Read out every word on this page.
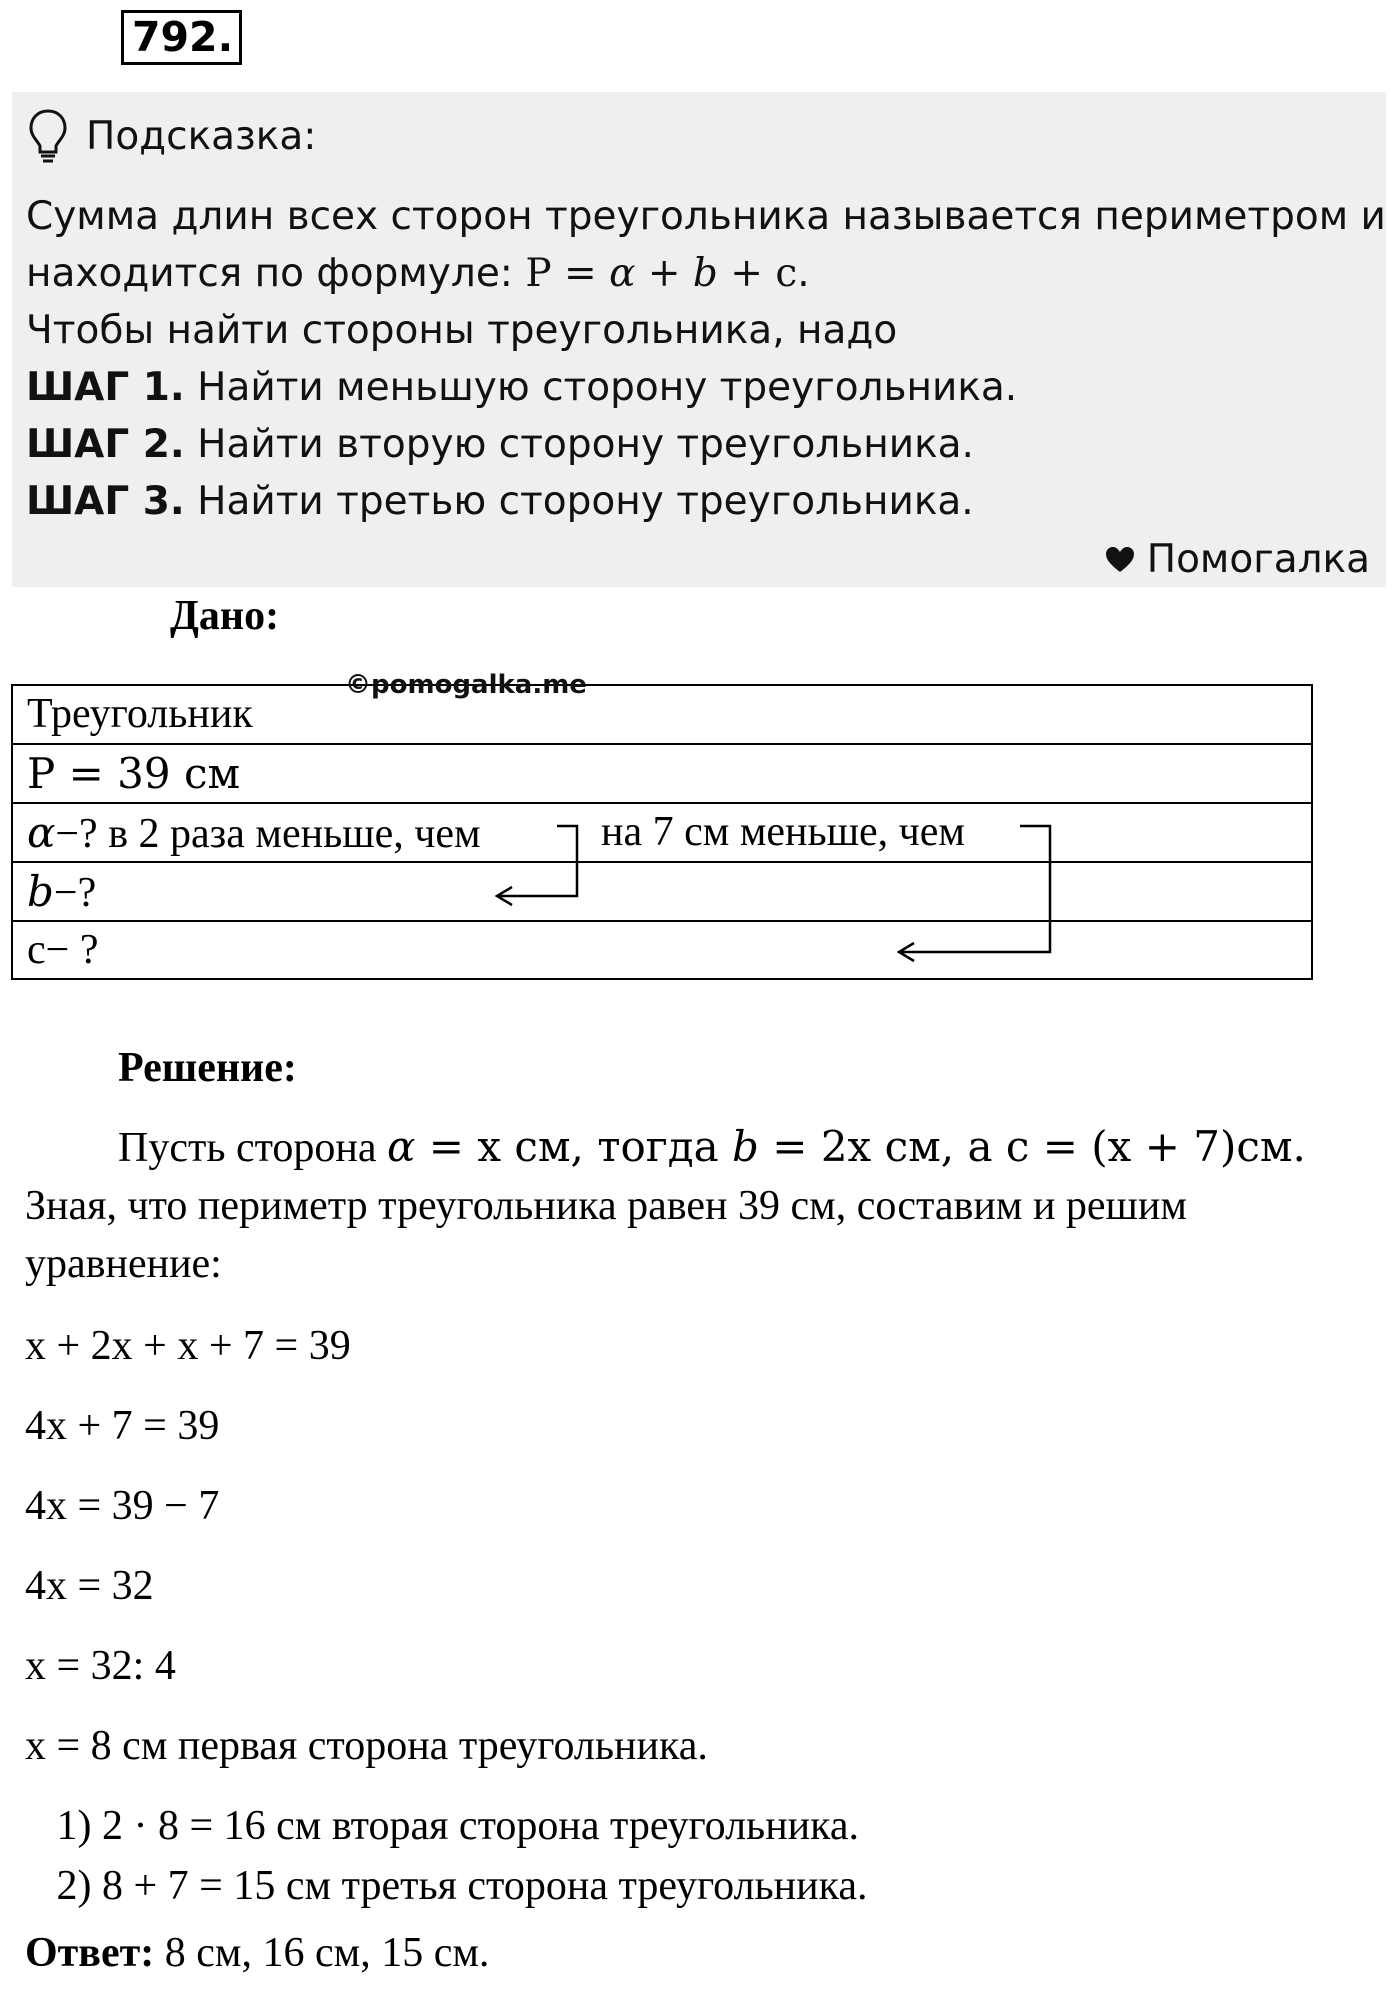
792.
Подсказка:
Сумма длин всех сторон треугольника называется периметром и
находится по формуле: P = α + b + c.
Чтобы найти стороны треугольника, надо
ШАГ 1. Найти меньшую сторону треугольника.
ШАГ 2. Найти вторую сторону треугольника.
ШАГ 3. Найти третью сторону треугольника.
Помогалка
Дано:
Треугольник
P = 39 см
α−? в 2 раза меньше, чем	на 7 см меньше, чем
b−?
c− ?
©pomogalka.me
Решение:
Пусть сторона α = x см, тогда b = 2x см, а c = (x + 7)см.
Зная, что периметр треугольника равен 39 см, составим и решим уравнение:
x + 2x + x + 7 = 39
4x + 7 = 39
4x = 39 − 7
4x = 32
x = 32: 4
x = 8 см первая сторона треугольника.
1) 2 · 8 = 16 см вторая сторона треугольника.
2) 8 + 7 = 15 см третья сторона треугольника.
Ответ: 8 см, 16 см, 15 см.
